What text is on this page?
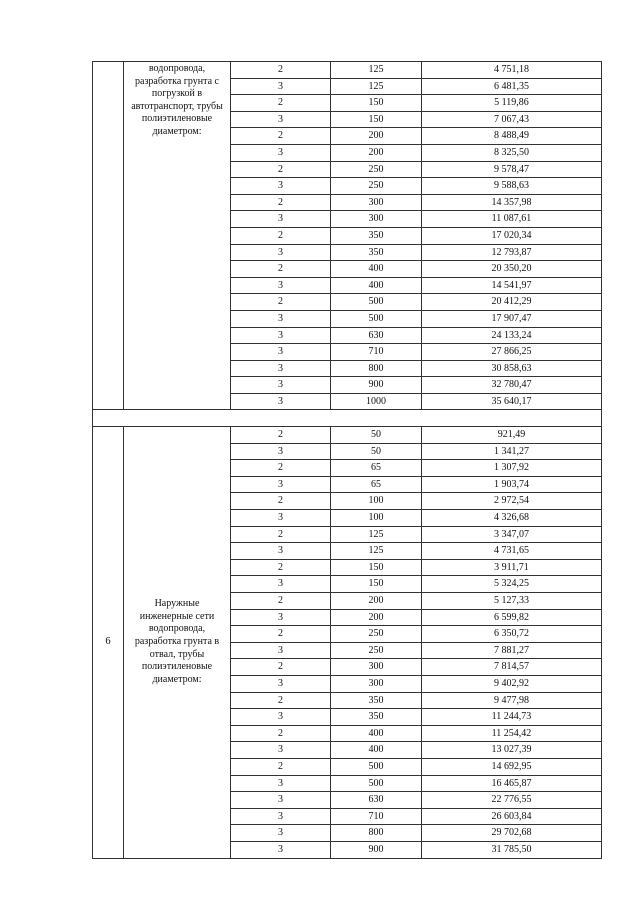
	водопровода, разработка грунта с погрузкой в автотранспорт, трубы полиэтиленовые диаметром:	2	125	4 751,18
		3	125	6 481,35
		2	150	5 119,86
		3	150	7 067,43
		2	200	8 488,49
		3	200	8 325,50
		2	250	9 578,47
		3	250	9 588,63
		2	300	14 357,98
		3	300	11 087,61
		2	350	17 020,34
		3	350	12 793,87
		2	400	20 350,20
		3	400	14 541,97
		2	500	20 412,29
		3	500	17 907,47
		3	630	24 133,24
		3	710	27 866,25
		3	800	30 858,63
		3	900	32 780,47
		3	1000	35 640,17

6	Наружные инженерные сети водопровода, разработка грунта в отвал, трубы полиэтиленовые диаметром:	2	50	921,49
		3	50	1 341,27
		2	65	1 307,92
		3	65	1 903,74
		2	100	2 972,54
		3	100	4 326,68
		2	125	3 347,07
		3	125	4 731,65
		2	150	3 911,71
		3	150	5 324,25
		2	200	5 127,33
		3	200	6 599,82
		2	250	6 350,72
		3	250	7 881,27
		2	300	7 814,57
		3	300	9 402,92
		2	350	9 477,98
		3	350	11 244,73
		2	400	11 254,42
		3	400	13 027,39
		2	500	14 692,95
		3	500	16 465,87
		3	630	22 776,55
		3	710	26 603,84
		3	800	29 702,68
		3	900	31 785,50
